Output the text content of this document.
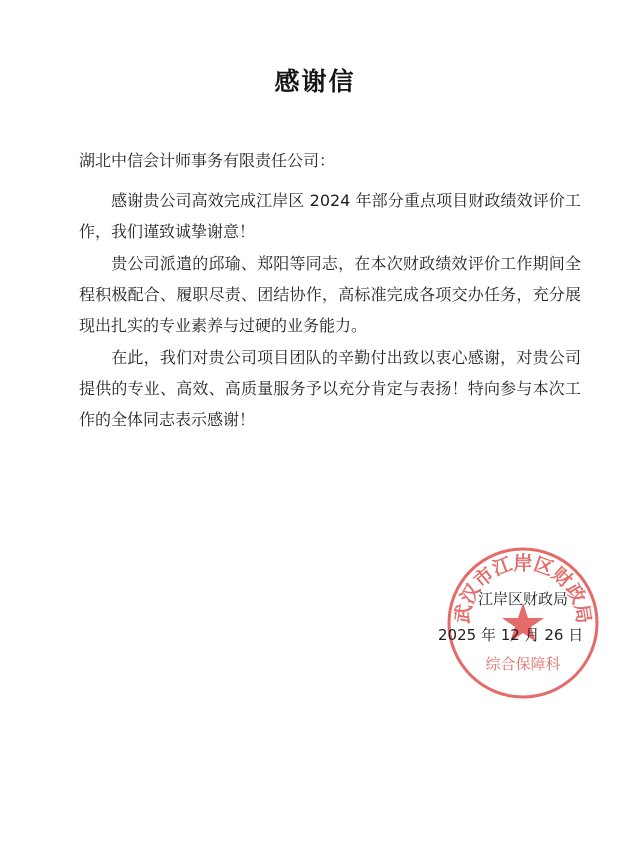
感谢信
湖北中信会计师事务有限责任公司：

感谢贵公司高效完成江岸区 2024 年部分重点项目财政绩效评价工作，我们谨致诚挚谢意！

贵公司派遣的邱瑜、郑阳等同志，在本次财政绩效评价工作期间全程积极配合、履职尽责、团结协作，高标准完成各项交办任务，充分展现出扎实的专业素养与过硬的业务能力。

在此，我们对贵公司项目团队的辛勤付出致以衷心感谢，对贵公司提供的专业、高效、高质量服务予以充分肯定与表扬！特向参与本次工作的全体同志表示感谢！

武汉市江岸区财政局
综合保障科
江岸区财政局
2025 年 12 月 26 日
